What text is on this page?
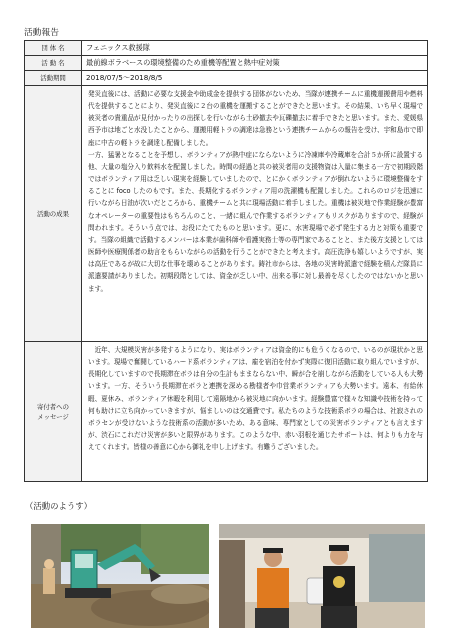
活動報告
団 体 名	フェニックス救援隊
活 動 名	最前線ボラベースの環境整備のため重機等配置と熱中症対策
活動期間	2018/07/5～2018/8/5
活動の成果	発災直後には、活動に必要な支援金や助成金を提供する団体がないため、当隊が連携チームに重機運搬費用や燃料代を提供することにより、発災直後に２台の重機を運搬することができたと思います。その結果、いち早く現場で被災者の貴重品が見付かったりの出探しを行いながら土砂撤去や瓦礫撤去に着手できたと思います。また、愛媛県西予市は地ごと水没したことから、運搬用軽トラの調達は急務という連携チームからの報告を受け、宇和島市で即座に中古の軽トラを調達し配備しました。

一方、猛暑となることを予想し、ボランティアが熱中症にならないように冷凍庫や冷蔵庫を合計５か所に設置する他、大量の塩分入り飲料水を配置しました。時間の経過と共の被災者用の支援物資は入量に集まる一方で初期段階ではボランティア用は乏しい現実を経験していましたので、とにかくボランティアが倒れないように環境整備をすることに foco したのもです。また、長期化するボランティア用の洗濯機も配置しました。これらのロジを迅速に行いながら日油が次いだところから、重機チームと共に現場活動に着手しました。重機は被災地で作業経験が豊富なオペレーターの重要性はもちろんのこと、一緒に組んで作業するボランティアもリスクがありますので、経験が問われます。そういう点では、お役にたてたものと思います。更に、水害現場で必ず発生する力と対策も重要です。当隊の組織で活動するメンバーは本業が歯科師や看護実務士等の専門家であることと、また後方支援としては医師や医療関係者の助言をもらいながらの活動を行うことができたと考えます。高圧洗浄も嬉しいようですが、実は高圧であるが故に大切な仕事を壊めることがあります。鋳社市からは、各地の災害時派遣で経験を積んだ隊員に派遣要請がありました。初期段階としては、資金が乏しい中、出来る事に対し最善を尽くしたのではないかと思います。

寄付者への
メッセージ	　近年、大規模災害が多発するようになり、実はボランティアは資金的にも危うくなるので、いるのが現状かと思います。現場で奮闘しているハード系ボランティアは、雇を宿泊を付かず実際に復旧活動に取り組んでいますが、長期化していますので長期滞在ボラは自分の生計もままならない中、瞬が合を崩しながら活動をしている人も大勢います。一方、そういう長期滞在ボラと連携を深める勘様者や巾営業ボランティアも大勢います。遠本、有給休暇、夏休み、ボランティア休暇を利用して遠隔地から被災地に向かいます。経験豊富で様々な知識や技術を持って何も助けに立ち向かっていきますが、悩ましいのは交通費です。私たちのような技術系ボラの場合は、社寂されのボラセンが受けないような技術系の活動が多いため、ある意味、専門家としての災害ボランティアとも言えますが、渋石にこれだけ災害が多いと限界があります。このような中、赤い羽根を通じたサポートは、何よりも力を与えてくれます。皆様の善意に心から御礼を申し上げます。有難うございました。

（活動のようす）
